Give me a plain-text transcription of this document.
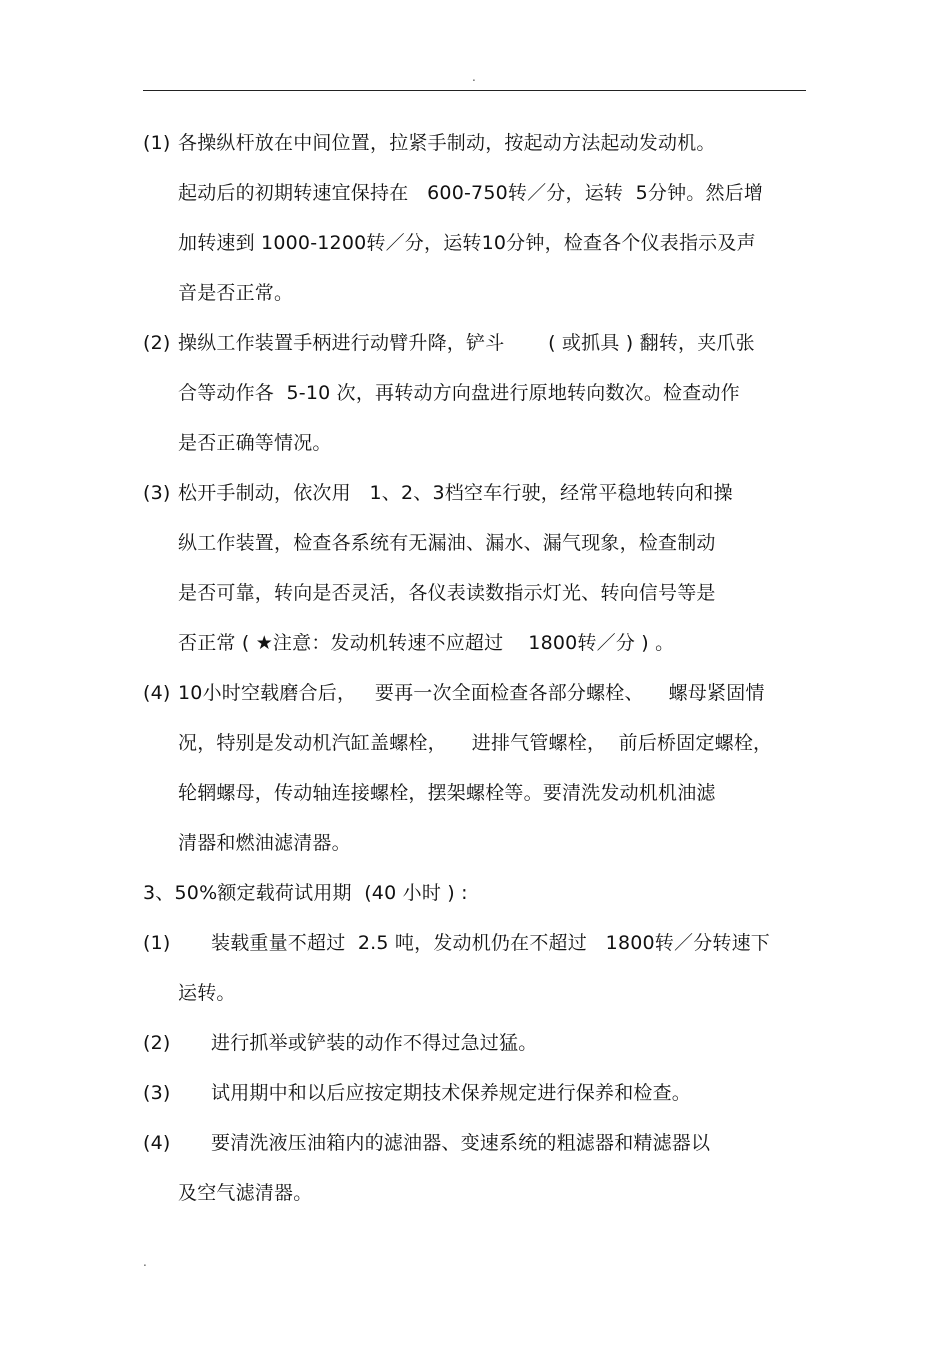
.
(1) 各操纵杆放在中间位置，拉紧手制动，按起动方法起动发动机。
起动后的初期转速宜保持在   600-750转／分，运转  5分钟。然后增
加转速到 1000-1200转／分，运转10分钟，检查各个仪表指示及声
音是否正常。
(2) 操纵工作装置手柄进行动臂升降，铲斗       ( 或抓具 ) 翻转，夹爪张
合等动作各  5-10 次，再转动方向盘进行原地转向数次。检查动作
是否正确等情况。
(3) 松开手制动，依次用   1、2、3档空车行驶，经常平稳地转向和操
纵工作装置，检查各系统有无漏油、漏水、漏气现象，检查制动
是否可靠，转向是否灵活，各仪表读数指示灯光、转向信号等是
否正常 ( ★注意：发动机转速不应超过    1800转／分 ) 。
(4) 10小时空载磨合后，   要再一次全面检查各部分螺栓、    螺母紧固情
况，特别是发动机汽缸盖螺栓，    进排气管螺栓，  前后桥固定螺栓，
轮辋螺母，传动轴连接螺栓，摆架螺栓等。要清洗发动机机油滤
清器和燃油滤清器。
3、50%额定载荷试用期  (40 小时 ) :
(1) 装载重量不超过  2.5 吨，发动机仍在不超过   1800转／分转速下
运转。
(2) 进行抓举或铲装的动作不得过急过猛。
(3) 试用期中和以后应按定期技术保养规定进行保养和检查。
(4) 要清洗液压油箱内的滤油器、变速系统的粗滤器和精滤器以
及空气滤清器。
.
